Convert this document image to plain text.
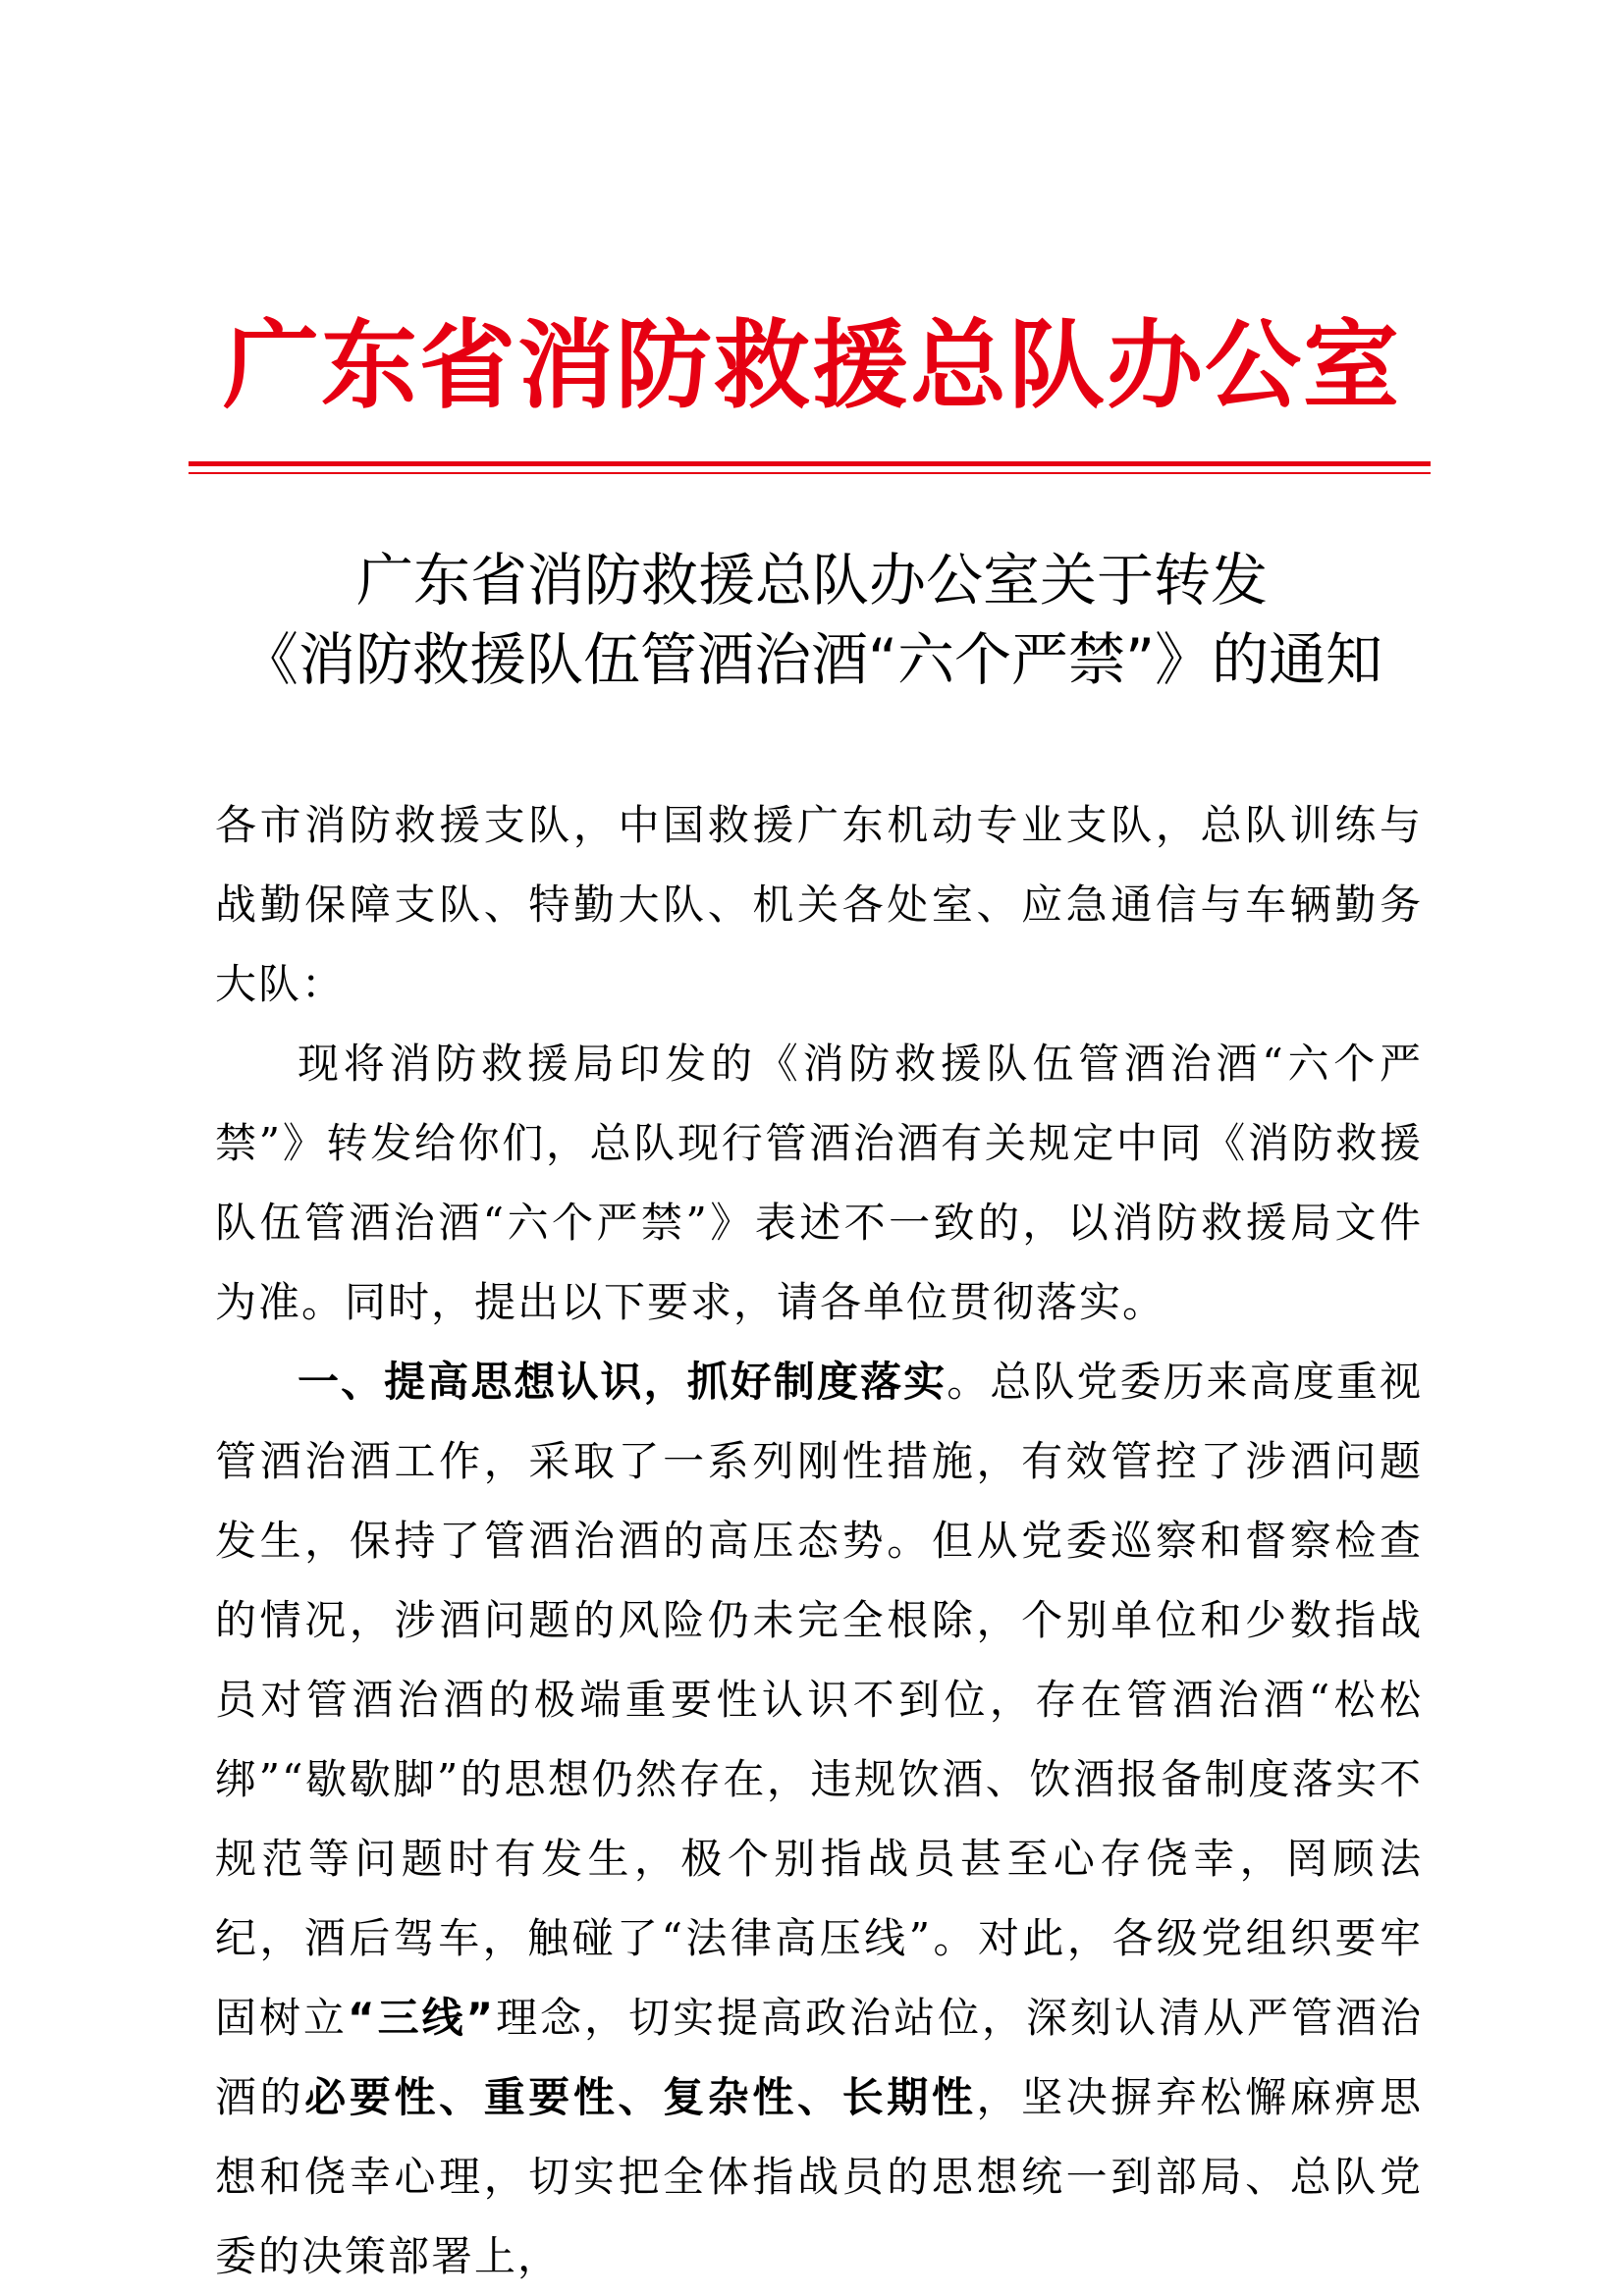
广东省消防救援总队办公室
广东省消防救援总队办公室关于转发
《消防救援队伍管酒治酒“六个严禁”》的通知

各市消防救援支队，中国救援广东机动专业支队，总队训练与战勤保障支队、特勤大队、机关各处室、应急通信与车辆勤务大队：

现将消防救援局印发的《消防救援队伍管酒治酒“六个严禁”》转发给你们，总队现行管酒治酒有关规定中同《消防救援队伍管酒治酒“六个严禁”》表述不一致的，以消防救援局文件为准。同时，提出以下要求，请各单位贯彻落实。

一、提高思想认识，抓好制度落实。总队党委历来高度重视管酒治酒工作，采取了一系列刚性措施，有效管控了涉酒问题发生，保持了管酒治酒的高压态势。但从党委巡察和督察检查的情况，涉酒问题的风险仍未完全根除，个别单位和少数指战员对管酒治酒的极端重要性认识不到位，存在管酒治酒“松松绑”“歇歇脚”的思想仍然存在，违规饮酒、饮酒报备制度落实不规范等问题时有发生，极个别指战员甚至心存侥幸，罔顾法纪，酒后驾车，触碰了“法律高压线”。对此，各级党组织要牢固树立“三线”理念，切实提高政治站位，深刻认清从严管酒治酒的必要性、重要性、复杂性、长期性，坚决摒弃松懈麻痹思想和侥幸心理，切实把全体指战员的思想统一到部局、总队党委的决策部署上，
